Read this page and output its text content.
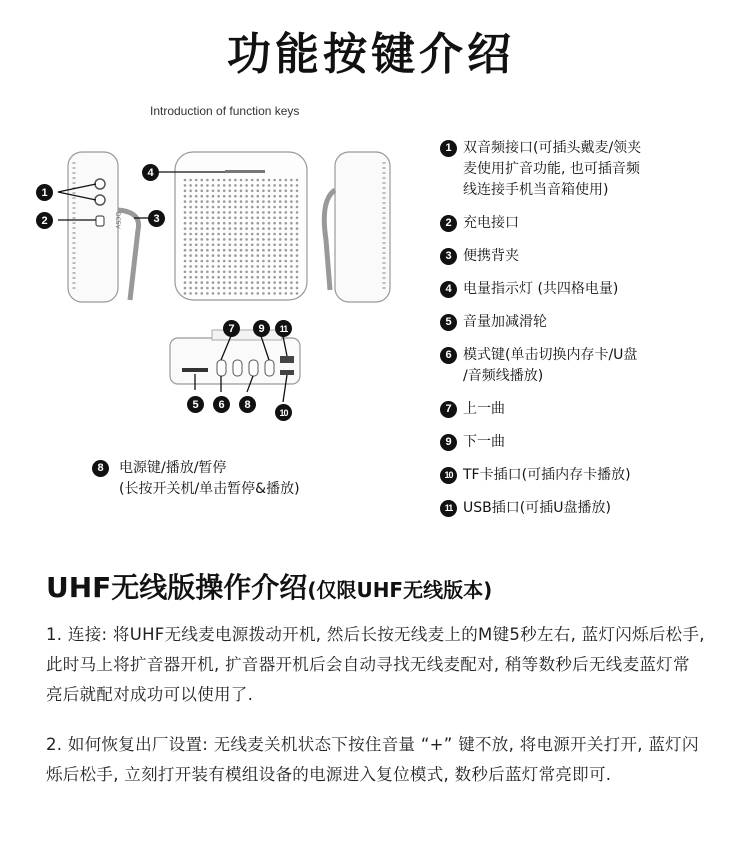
功能按键介绍
Introduction of function keys
DC5V
1
2	3
4
5	6
7
8
9
10
11
1 双音频接口(可插头戴麦/领夹
麦使用扩音功能, 也可插音频
线连接手机当音箱使用)
2 充电接口
3 便携背夹
4 电量指示灯 (共四格电量)
5 音量加减滑轮
6 模式键(单击切换内存卡/U盘
/音频线播放)
7 上一曲
9 下一曲
10 TF卡插口(可插内存卡播放)
11 USB插口(可插U盘播放)
8	电源键/播放/暂停
(长按开关机/单击暂停&播放)
UHF无线版操作介绍(仅限UHF无线版本)
1. 连接: 将UHF无线麦电源拨动开机, 然后长按无线麦上的M键5秒左右, 蓝灯闪烁后松手, 此时马上将扩音器开机, 扩音器开机后会自动寻找无线麦配对, 稍等数秒后无线麦蓝灯常亮后就配对成功可以使用了.
2. 如何恢复出厂设置: 无线麦关机状态下按住音量 “+” 键不放, 将电源开关打开, 蓝灯闪烁后松手, 立刻打开装有模组设备的电源进入复位模式, 数秒后蓝灯常亮即可.
